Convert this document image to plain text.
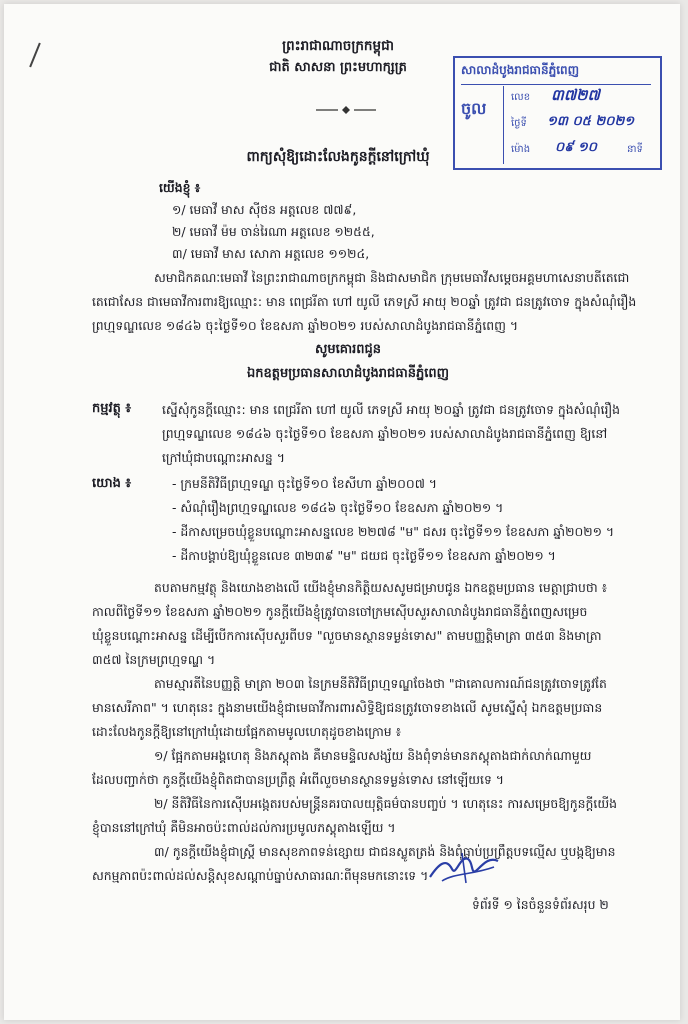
ព្រះរាជាណាចក្រកម្ពុជា
ជាតិ សាសនា ព្រះមហាក្សត្រ	សាលាដំបូងរាជធានីភ្នំពេញ
ចូល
លេខ ៣៧២៧
ថ្ងៃទី ១៣ ០៥ ២០២១
ម៉ោង ០៩ ១០	នាទី
ពាក្យសុំឱ្យដោះលែងកូនក្ដីនៅក្រៅឃុំ
យើងខ្ញុំ ៖
១/ មេធាវី មាស ស៊ីថន អត្តលេខ ៧៧៩,
២/ មេធាវី ម៉ម ចាន់រៃណា អត្តលេខ ១២៥៥,
៣/ មេធាវី មាស សោភា អត្តលេខ ១១២៤,
សមាជិកគណៈមេធាវី នៃព្រះរាជាណាចក្រកម្ពុជា និងជាសមាជិក ក្រុមមេធាវីសម្ដេចអគ្គមហាសេនាបតីតេជោ
តេជោសែន ជាមេធាវីការពារឱ្យឈ្មោះ: មាន ពេជ្ររីតា ហៅ យូលី ភេទស្រី អាយុ ២០ឆ្នាំ ត្រូវជា ជនត្រូវចោទ ក្នុងសំណុំរឿង
ព្រហ្មទណ្ឌលេខ ១៨៤៦ ចុះថ្ងៃទី១០ ខែឧសភា ឆ្នាំ២០២១ របស់សាលាដំបូងរាជធានីភ្នំពេញ ។
សូមគោរពជូន
ឯកឧត្ដមប្រធានសាលាដំបូងរាជធានីភ្នំពេញ
កម្មវត្ថុ ៖ ស្នើសុំកូនក្ដីឈ្មោះ: មាន ពេជ្ររីតា ហៅ យូលី ភេទស្រី អាយុ ២០ឆ្នាំ ត្រូវជា ជនត្រូវចោទ ក្នុងសំណុំរឿង
ព្រហ្មទណ្ឌលេខ ១៨៤៦ ចុះថ្ងៃទី១០ ខែឧសភា ឆ្នាំ២០២១ របស់សាលាដំបូងរាជធានីភ្នំពេញ ឱ្យនៅ
ក្រៅឃុំជាបណ្ដោះអាសន្ន ។
យោង ៖	- ក្រមនីតិវិធីព្រហ្មទណ្ឌ ចុះថ្ងៃទី១០ ខែសីហា ឆ្នាំ២០០៧ ។
- សំណុំរឿងព្រហ្មទណ្ឌលេខ ១៨៤៦ ចុះថ្ងៃទី១០ ខែឧសភា ឆ្នាំ២០២១ ។
- ដីកាសម្រេចឃុំខ្លួនបណ្ដោះអាសន្នលេខ ២២៧៨ "ម" ជសរ ចុះថ្ងៃទី១១ ខែឧសភា ឆ្នាំ២០២១ ។
- ដីកាបង្គាប់ឱ្យឃុំខ្លួនលេខ ៣២៣៩ "ម" ជយជ ចុះថ្ងៃទី១១ ខែឧសភា ឆ្នាំ២០២១ ។
តបតាមកម្មវត្ថុ និងយោងខាងលើ យើងខ្ញុំមានកិត្តិយសសូមជម្រាបជូន ឯកឧត្ដមប្រធាន មេត្តាជ្រាបថា ៖
កាលពីថ្ងៃទី១១ ខែឧសភា ឆ្នាំ២០២១ កូនក្ដីយើងខ្ញុំត្រូវបានចៅក្រមស៊ើបសួរសាលាដំបូងរាជធានីភ្នំពេញសម្រេច
ឃុំខ្លួនបណ្ដោះអាសន្ន ដើម្បីបើកការស៊ើបសួរពីបទ "លួចមានស្ថានទម្ងន់ទោស" តាមបញ្ញត្តិមាត្រា ៣៥៣ និងមាត្រា
៣៥៧ នៃក្រមព្រហ្មទណ្ឌ ។
តាមស្មារតីនៃបញ្ញត្តិ មាត្រា ២០៣ នៃក្រមនីតិវិធីព្រហ្មទណ្ឌចែងថា "ជាគោលការណ៍ជនត្រូវចោទត្រូវតែ
មានសេរីភាព" ។ ហេតុនេះ ក្នុងនាមយើងខ្ញុំជាមេធាវីការពារសិទ្ធិឱ្យជនត្រូវចោទខាងលើ សូមស្នើសុំ ឯកឧត្ដមប្រធាន
ដោះលែងកូនក្ដីឱ្យនៅក្រៅឃុំដោយផ្អែកតាមមូលហេតុដូចខាងក្រោម ៖
១/ ផ្អែកតាមអង្គហេតុ និងភស្តុតាង គឺមានមន្ទិលសង្ស័យ និងពុំទាន់មានភស្តុតាងជាក់លាក់ណាមួយ
ដែលបញ្ជាក់ថា កូនក្ដីយើងខ្ញុំពិតជាបានប្រព្រឹត្ត អំពើលួចមានស្ថានទម្ងន់ទោស នៅឡើយទេ ។
២/ នីតិវិធីនៃការស៊ើបអង្កេតរបស់មន្ត្រីនគរបាលយុត្តិធម៌បានបញ្ចប់ ។ ហេតុនេះ ការសម្រេចឱ្យកូនក្ដីយើង
ខ្ញុំបាននៅក្រៅឃុំ គឺមិនអាចប៉ះពាល់ដល់ការប្រមូលភស្តុតាងឡើយ ។
៣/ កូនក្ដីយើងខ្ញុំជាស្ត្រី មានសុខភាពទន់ខ្សោយ ជាជនស្លូតត្រង់ និងពុំធ្លាប់ប្រព្រឹត្តបទល្មើស ឬបង្កឱ្យមាន
សកម្មភាពប៉ះពាល់ដល់សន្តិសុខសណ្ដាប់ធ្នាប់សាធារណៈពីមុនមកនោះទេ ។
ទំព័រទី ១ នៃចំនួនទំព័រសរុប ២
